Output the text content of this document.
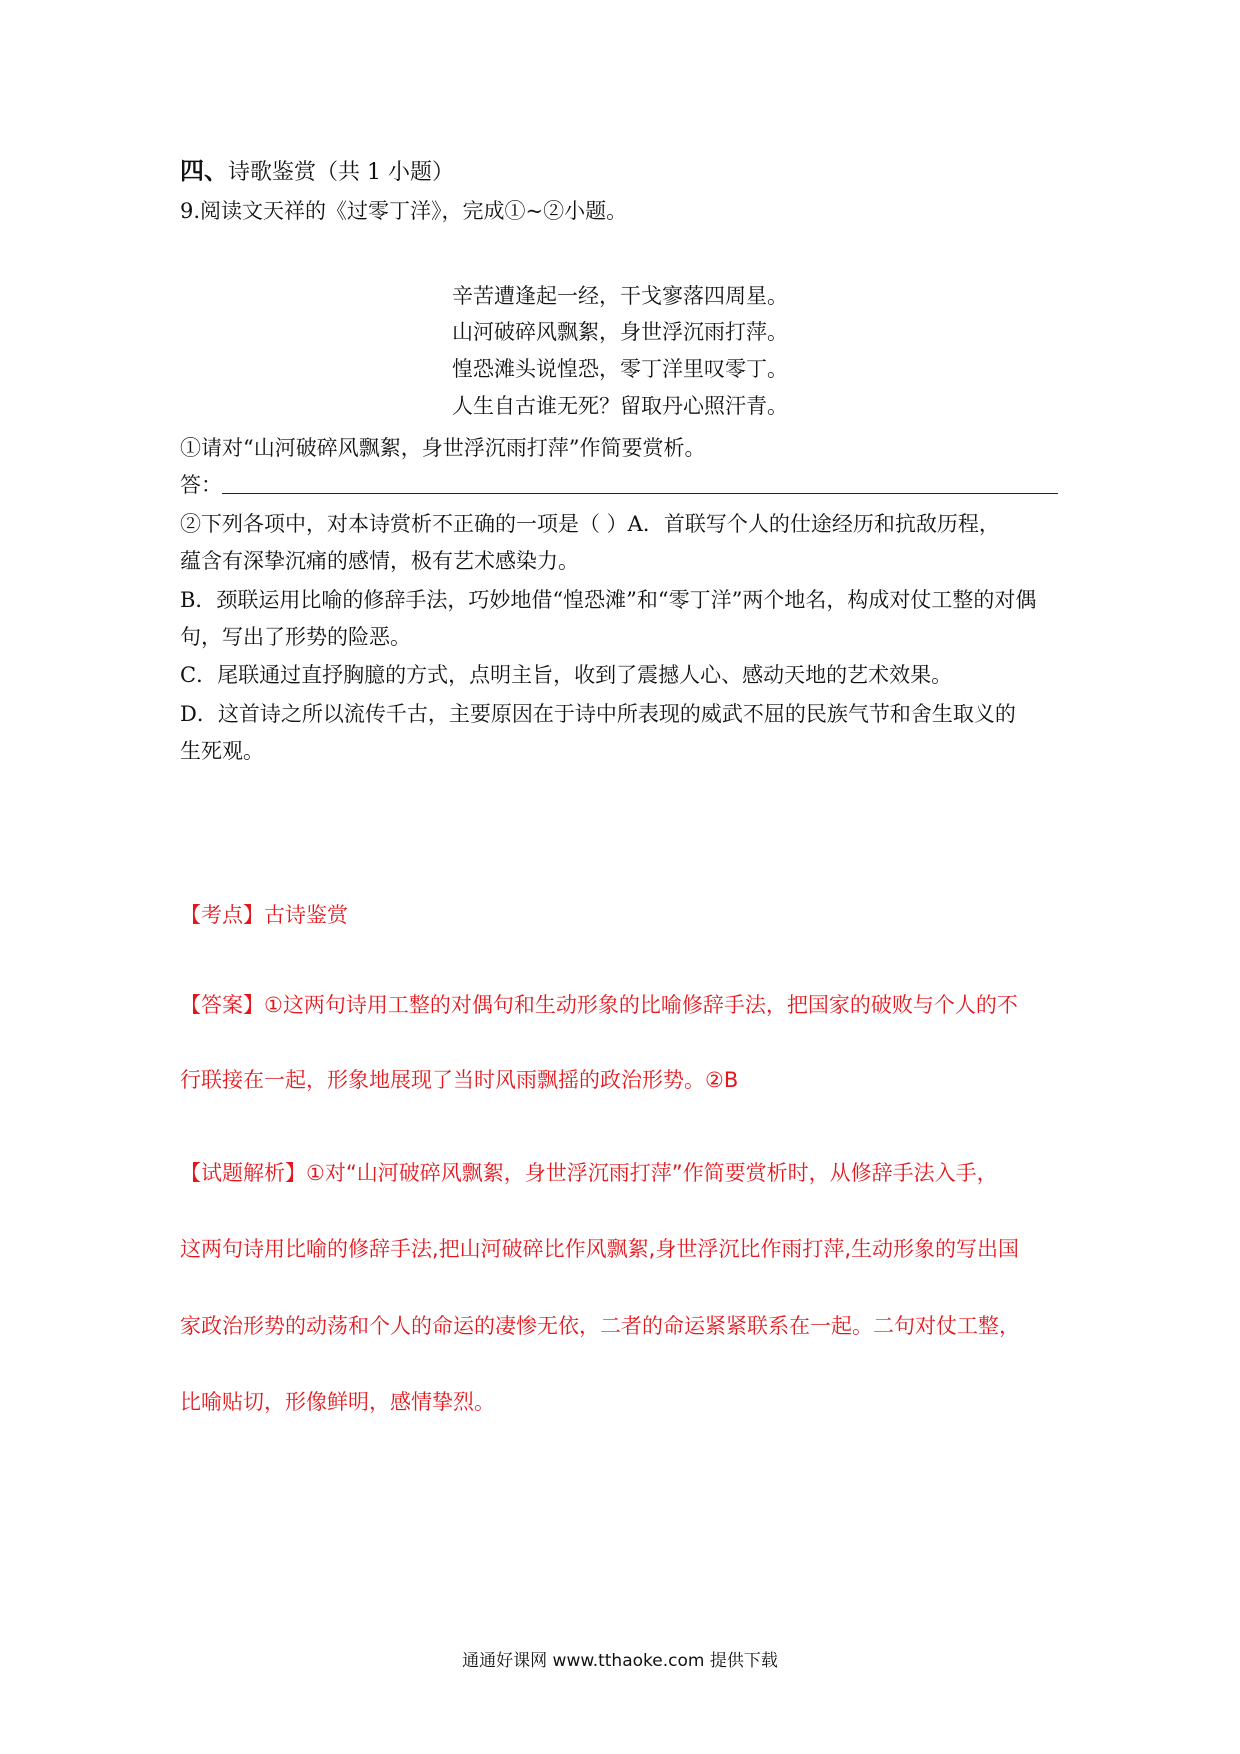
四、诗歌鉴赏（共 1 小题）
9.阅读文天祥的《过零丁洋》，完成①~②小题。
辛苦遭逢起一经，干戈寥落四周星。
山河破碎风飘絮，身世浮沉雨打萍。
惶恐滩头说惶恐，零丁洋里叹零丁。
人生自古谁无死？留取丹心照汗青。
①请对“山河破碎风飘絮，身世浮沉雨打萍”作简要赏析。
答：
②下列各项中，对本诗赏析不正确的一项是（ ）A．首联写个人的仕途经历和抗敌历程，
蕴含有深挚沉痛的感情，极有艺术感染力。
B．颈联运用比喻的修辞手法，巧妙地借“惶恐滩”和“零丁洋”两个地名，构成对仗工整的对偶
句，写出了形势的险恶。
C．尾联通过直抒胸臆的方式，点明主旨，收到了震撼人心、感动天地的艺术效果。
D．这首诗之所以流传千古，主要原因在于诗中所表现的威武不屈的民族气节和舍生取义的
生死观。
【考点】古诗鉴赏
【答案】①这两句诗用工整的对偶句和生动形象的比喻修辞手法，把国家的破败与个人的不
行联接在一起，形象地展现了当时风雨飘摇的政治形势。②B
【试题解析】①对“山河破碎风飘絮，身世浮沉雨打萍”作简要赏析时，从修辞手法入手，
这两句诗用比喻的修辞手法,把山河破碎比作风飘絮,身世浮沉比作雨打萍,生动形象的写出国
家政治形势的动荡和个人的命运的凄惨无依，二者的命运紧紧联系在一起。二句对仗工整，
比喻贴切，形像鲜明，感情挚烈。
通通好课网 www.tthaoke.com 提供下载
